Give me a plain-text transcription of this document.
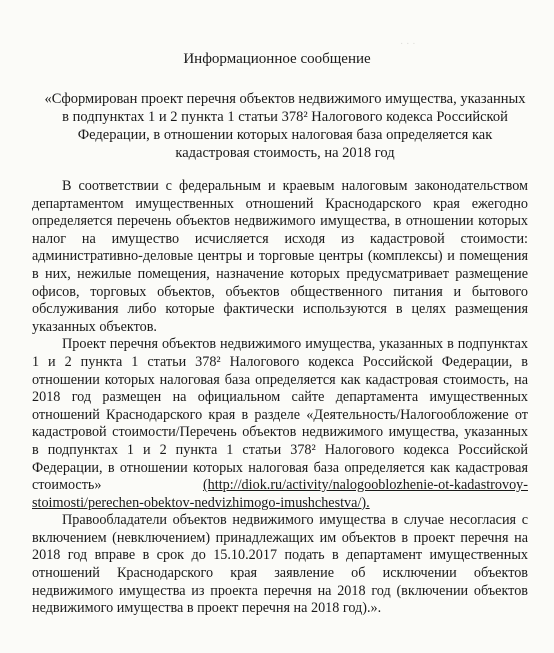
· · ·
Информационное сообщение
«Сформирован проект перечня объектов недвижимого имущества, указанных в подпунктах 1 и 2 пункта 1 статьи 378² Налогового кодекса Российской Федерации, в отношении которых налоговая база определяется как кадастровая стоимость, на 2018 год

В соответствии с федеральным и краевым налоговым законодательством департаментом имущественных отношений Краснодарского края ежегодно определяется перечень объектов недвижимого имущества, в отношении которых налог на имущество исчисляется исходя из кадастровой стоимости: административно-деловые центры и торговые центры (комплексы) и помещения в них, нежилые помещения, назначение которых предусматривает размещение офисов, торговых объектов, объектов общественного питания и бытового обслуживания либо которые фактически используются в целях размещения указанных объектов.

Проект перечня объектов недвижимого имущества, указанных в подпунктах 1 и 2 пункта 1 статьи 378² Налогового кодекса Российской Федерации, в отношении которых налоговая база определяется как кадастровая стоимость, на 2018 год размещен на официальном сайте департамента имущественных отношений Краснодарского края в разделе «Деятельность/Налогообложение от кадастровой стоимости/Перечень объектов недвижимого имущества, указанных в подпунктах 1 и 2 пункта 1 статьи 378² Налогового кодекса Российской Федерации, в отношении которых налоговая база определяется как кадастровая стоимость»	(http://diok.ru/activity/nalogooblozhenie-ot-kadastrovoy-stoimosti/perechen-obektov-nedvizhimogo-imushchestva/).

Правообладатели объектов недвижимого имущества в случае несогласия с включением (невключением) принадлежащих им объектов в проект перечня на 2018 год вправе в срок до 15.10.2017 подать в департамент имущественных отношений Краснодарского края заявление об исключении объектов недвижимого имущества из проекта перечня на 2018 год (включении объектов недвижимого имущества в проект перечня на 2018 год).».
